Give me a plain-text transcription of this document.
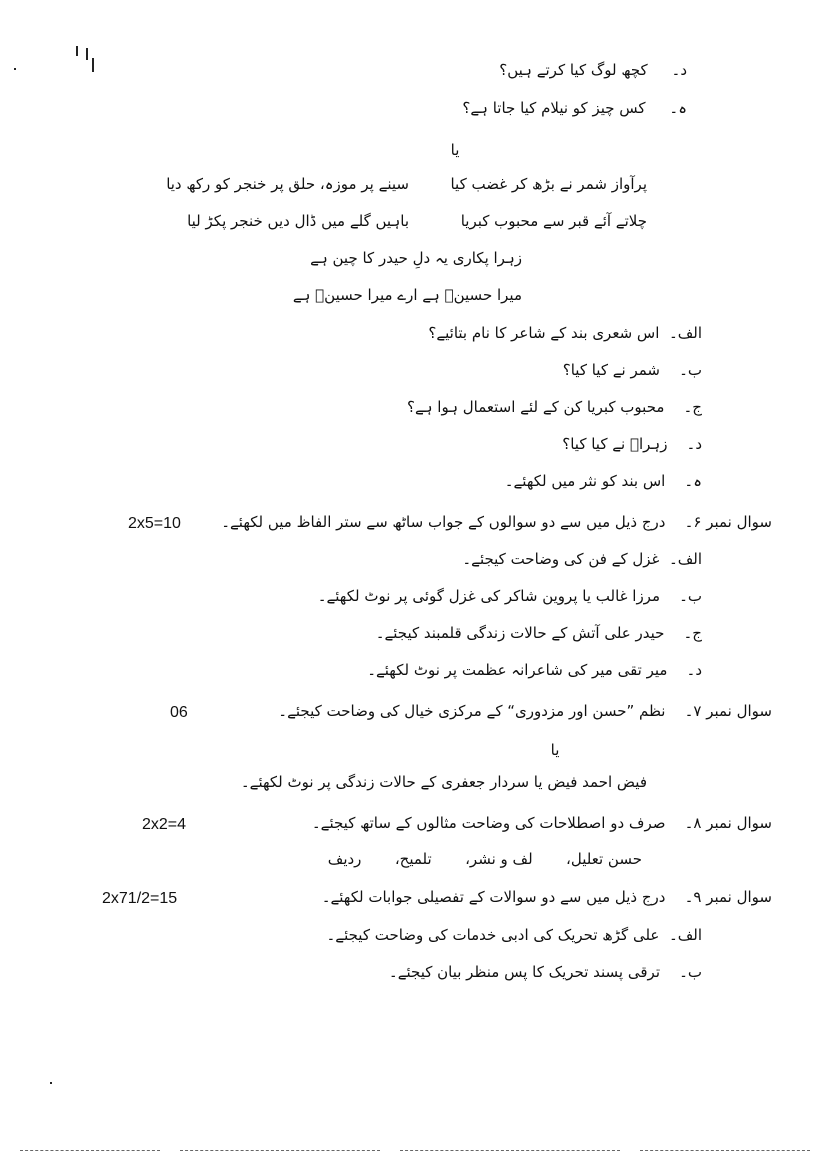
د۔     کچھ لوگ کیا کرتے ہیں؟
ہ۔     کس چیز کو نیلام کیا جاتا ہے؟
یا
پرآواز شمر نے بڑھ کر غضب کیا
سینے پر موزہ، حلق پر خنجر کو رکھ دیا
چلاتے آئے قبر سے محبوب کبریا
باہیں گلے میں ڈال دیں خنجر پکڑ لیا
زہرا پکاری یہ دلِ حیدر کا چین ہے
میرا حسینؑ ہے ارے میرا حسینؑ ہے
الف۔  اس شعری بند کے شاعر کا نام بتائیے؟
ب۔    شمر نے کیا کیا؟
ج۔    محبوب کبریا کن کے لئے استعمال ہوا ہے؟
د۔    زہراؑ نے کیا کیا؟
ہ۔    اس بند کو نثر میں لکھئے۔
سوال نمبر ۶۔    درج ذیل میں سے دو سوالوں کے جواب ساٹھ سے ستر الفاظ میں لکھئے۔
2x5=10
الف۔  غزل کے فن کی وضاحت کیجئے۔
ب۔    مرزا غالب یا پروین شاکر کی غزل گوئی پر نوٹ لکھئے۔
ج۔    حیدر علی آتش کے حالات زندگی قلمبند کیجئے۔
د۔    میر تقی میر کی شاعرانہ عظمت پر نوٹ لکھئے۔
سوال نمبر ۷۔    نظم ”حسن اور مزدوری“ کے مرکزی خیال کی وضاحت کیجئے۔
06
یا
فیض احمد فیض یا سردار جعفری کے حالات زندگی پر نوٹ لکھئے۔
سوال نمبر ۸۔    صرف دو اصطلاحات کی وضاحت مثالوں کے ساتھ کیجئے۔
2x2=4
حسن تعلیل،       لف و نشر،       تلمیح،       ردیف
سوال نمبر ۹۔    درج ذیل میں سے دو سوالات کے تفصیلی جوابات لکھئے۔
2x71/2=15
الف۔  علی گڑھ تحریک کی ادبی خدمات کی وضاحت کیجئے۔
ب۔    ترقی پسند تحریک کا پس منظر بیان کیجئے۔
